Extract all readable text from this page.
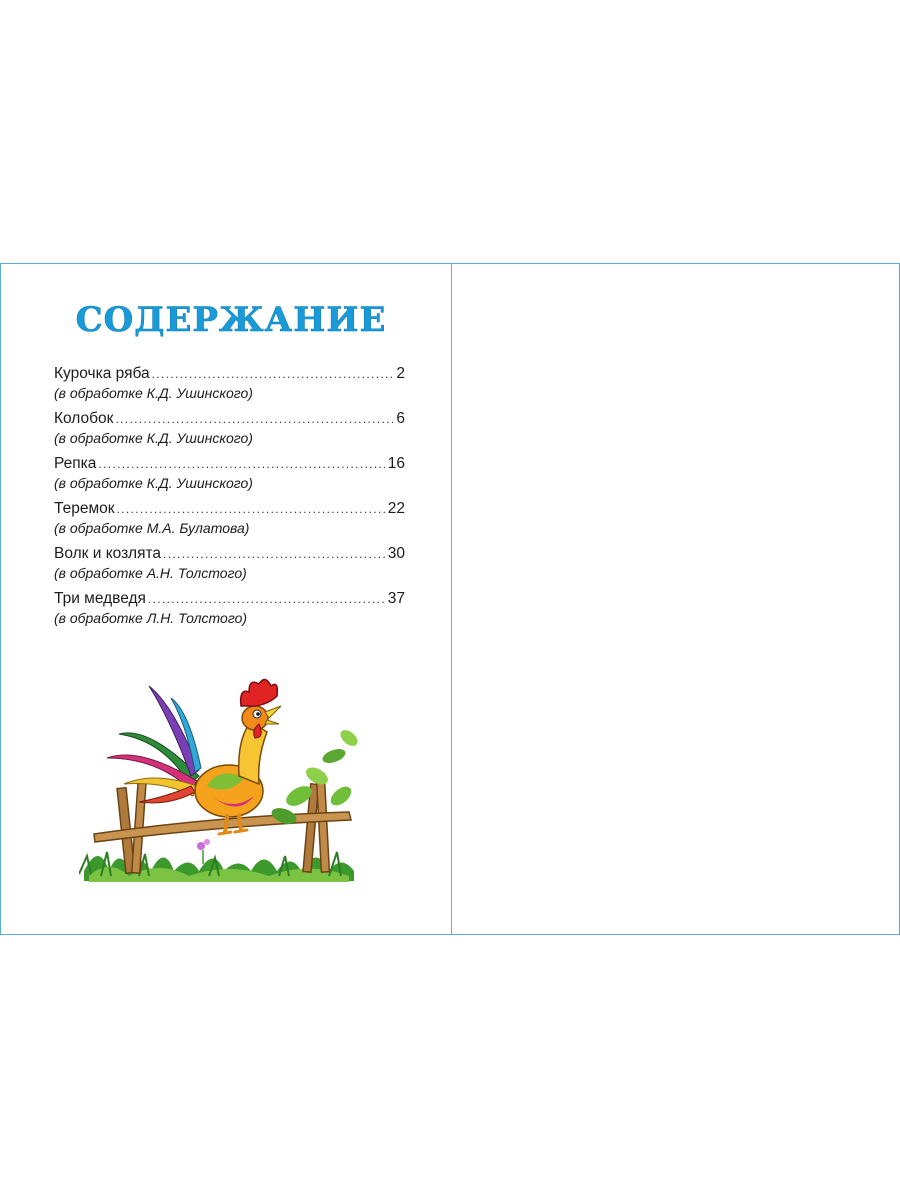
СОДЕРЖАНИЕ
Курочка ряба . . .	2
(в обработке К.Д. Ушинского)
Колобок . . .	6
(в обработке К.Д. Ушинского)
Репка . . .	16
(в обработке К.Д. Ушинского)
Теремок . . .	22
(в обработке М.А. Булатова)
Волк и козлята . . .	30
(в обработке А.Н. Толстого)
Три медведя . . .	37
(в обработке Л.Н. Толстого)
